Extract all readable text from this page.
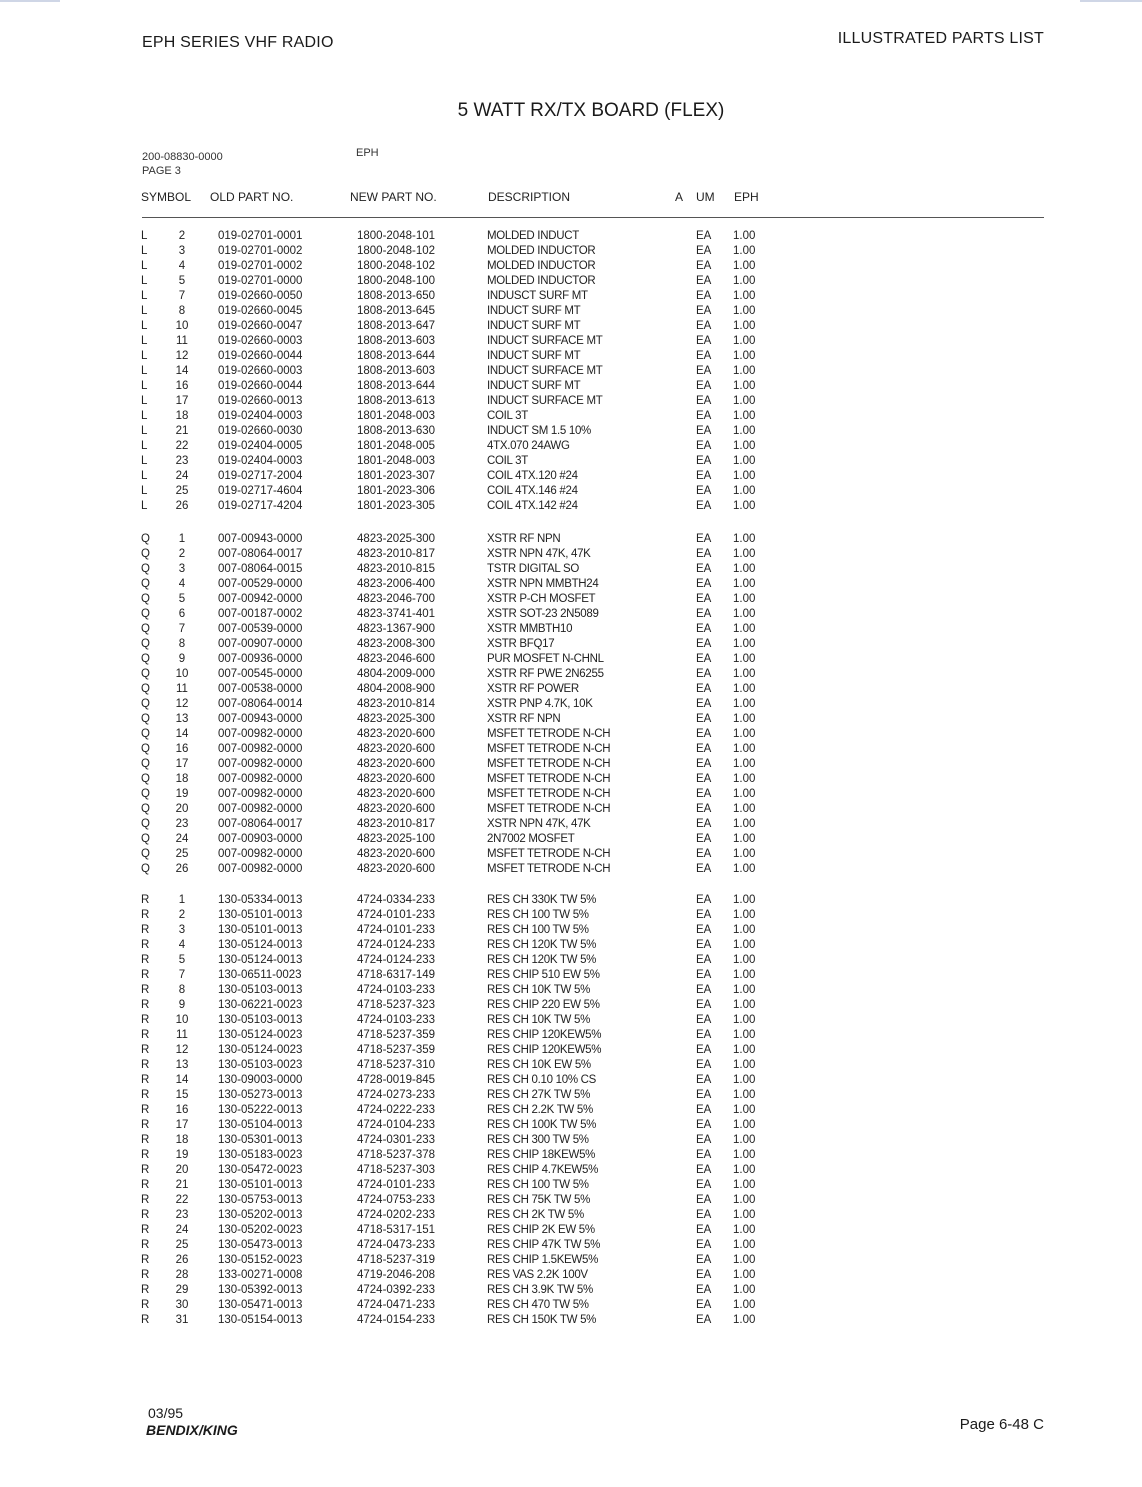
EPH SERIES VHF RADIO	ILLUSTRATED PARTS LIST
5 WATT RX/TX BOARD (FLEX)
200-08830-0000
PAGE 3
EPH
SYMBOL OLD PART NO.	NEW PART NO.	DESCRIPTION	A UM EPH
L	2	019-02701-0001	1800-2048-101	MOLDED INDUCT	EA 1.00
L	3	019-02701-0002	1800-2048-102	MOLDED INDUCTOR	EA 1.00
L	4	019-02701-0002	1800-2048-102	MOLDED INDUCTOR	EA 1.00
L	5	019-02701-0000	1800-2048-100	MOLDED INDUCTOR	EA 1.00
L	7	019-02660-0050	1808-2013-650	INDUSCT SURF MT	EA 1.00
L	8	019-02660-0045	1808-2013-645	INDUCT SURF MT	EA 1.00
L	10	019-02660-0047	1808-2013-647	INDUCT SURF MT	EA 1.00
L	11	019-02660-0003	1808-2013-603	INDUCT SURFACE MT	EA 1.00
L	12	019-02660-0044	1808-2013-644	INDUCT SURF MT	EA 1.00
L	14	019-02660-0003	1808-2013-603	INDUCT SURFACE MT	EA 1.00
L	16	019-02660-0044	1808-2013-644	INDUCT SURF MT	EA 1.00
L	17	019-02660-0013	1808-2013-613	INDUCT SURFACE MT	EA 1.00
L	18	019-02404-0003	1801-2048-003	COIL 3T	EA 1.00
L	21	019-02660-0030	1808-2013-630	INDUCT SM 1.5 10%	EA 1.00
L	22	019-02404-0005	1801-2048-005	4TX.070 24AWG	EA 1.00
L	23	019-02404-0003	1801-2048-003	COIL 3T	EA 1.00
L	24	019-02717-2004	1801-2023-307	COIL 4TX.120 #24	EA 1.00
L	25	019-02717-4604	1801-2023-306	COIL 4TX.146 #24	EA 1.00
L	26	019-02717-4204	1801-2023-305	COIL 4TX.142 #24	EA 1.00
Q	1	007-00943-0000	4823-2025-300	XSTR RF NPN	EA 1.00
Q	2	007-08064-0017	4823-2010-817	XSTR NPN 47K, 47K	EA 1.00
Q	3	007-08064-0015	4823-2010-815	TSTR DIGITAL SO	EA 1.00
Q	4	007-00529-0000	4823-2006-400	XSTR NPN MMBTH24	EA 1.00
Q	5	007-00942-0000	4823-2046-700	XSTR P-CH MOSFET	EA 1.00
Q	6	007-00187-0002	4823-3741-401	XSTR SOT-23 2N5089	EA 1.00
Q	7	007-00539-0000	4823-1367-900	XSTR MMBTH10	EA 1.00
Q	8	007-00907-0000	4823-2008-300	XSTR BFQ17	EA 1.00
Q	9	007-00936-0000	4823-2046-600	PUR MOSFET N-CHNL	EA 1.00
Q	10	007-00545-0000	4804-2009-000	XSTR RF PWE 2N6255	EA 1.00
Q	11	007-00538-0000	4804-2008-900	XSTR RF POWER	EA 1.00
Q	12	007-08064-0014	4823-2010-814	XSTR PNP 4.7K, 10K	EA 1.00
Q	13	007-00943-0000	4823-2025-300	XSTR RF NPN	EA 1.00
Q	14	007-00982-0000	4823-2020-600	MSFET TETRODE N-CH	EA 1.00
Q	16	007-00982-0000	4823-2020-600	MSFET TETRODE N-CH	EA 1.00
Q	17	007-00982-0000	4823-2020-600	MSFET TETRODE N-CH	EA 1.00
Q	18	007-00982-0000	4823-2020-600	MSFET TETRODE N-CH	EA 1.00
Q	19	007-00982-0000	4823-2020-600	MSFET TETRODE N-CH	EA 1.00
Q	20	007-00982-0000	4823-2020-600	MSFET TETRODE N-CH	EA 1.00
Q	23	007-08064-0017	4823-2010-817	XSTR NPN 47K, 47K	EA 1.00
Q	24	007-00903-0000	4823-2025-100	2N7002 MOSFET	EA 1.00
Q	25	007-00982-0000	4823-2020-600	MSFET TETRODE N-CH	EA 1.00
Q	26	007-00982-0000	4823-2020-600	MSFET TETRODE N-CH	EA 1.00
R	1	130-05334-0013	4724-0334-233	RES CH 330K TW 5%	EA 1.00
R	2	130-05101-0013	4724-0101-233	RES CH 100 TW 5%	EA 1.00
R	3	130-05101-0013	4724-0101-233	RES CH 100 TW 5%	EA 1.00
R	4	130-05124-0013	4724-0124-233	RES CH 120K TW 5%	EA 1.00
R	5	130-05124-0013	4724-0124-233	RES CH 120K TW 5%	EA 1.00
R	7	130-06511-0023	4718-6317-149	RES CHIP 510 EW 5%	EA 1.00
R	8	130-05103-0013	4724-0103-233	RES CH 10K TW 5%	EA 1.00
R	9	130-06221-0023	4718-5237-323	RES CHIP 220 EW 5%	EA 1.00
R	10	130-05103-0013	4724-0103-233	RES CH 10K TW 5%	EA 1.00
R	11	130-05124-0023	4718-5237-359	RES CHIP 120KEW5%	EA 1.00
R	12	130-05124-0023	4718-5237-359	RES CHIP 120KEW5%	EA 1.00
R	13	130-05103-0023	4718-5237-310	RES CH 10K EW 5%	EA 1.00
R	14	130-09003-0000	4728-0019-845	RES CH 0.10 10% CS	EA 1.00
R	15	130-05273-0013	4724-0273-233	RES CH 27K TW 5%	EA 1.00
R	16	130-05222-0013	4724-0222-233	RES CH 2.2K TW 5%	EA 1.00
R	17	130-05104-0013	4724-0104-233	RES CH 100K TW 5%	EA 1.00
R	18	130-05301-0013	4724-0301-233	RES CH 300 TW 5%	EA 1.00
R	19	130-05183-0023	4718-5237-378	RES CHIP 18KEW5%	EA 1.00
R	20	130-05472-0023	4718-5237-303	RES CHIP 4.7KEW5%	EA 1.00
R	21	130-05101-0013	4724-0101-233	RES CH 100 TW 5%	EA 1.00
R	22	130-05753-0013	4724-0753-233	RES CH 75K TW 5%	EA 1.00
R	23	130-05202-0013	4724-0202-233	RES CH 2K TW 5%	EA 1.00
R	24	130-05202-0023	4718-5317-151	RES CHIP 2K EW 5%	EA 1.00
R	25	130-05473-0013	4724-0473-233	RES CHIP 47K TW 5%	EA 1.00
R	26	130-05152-0023	4718-5237-319	RES CHIP 1.5KEW5%	EA 1.00
R	28	133-00271-0008	4719-2046-208	RES VAS 2.2K 100V	EA 1.00
R	29	130-05392-0013	4724-0392-233	RES CH 3.9K TW 5%	EA 1.00
R	30	130-05471-0013	4724-0471-233	RES CH 470 TW 5%	EA 1.00
R	31	130-05154-0013	4724-0154-233	RES CH 150K TW 5%	EA 1.00
03/95
BENDIX/KING	Page 6-48 C
